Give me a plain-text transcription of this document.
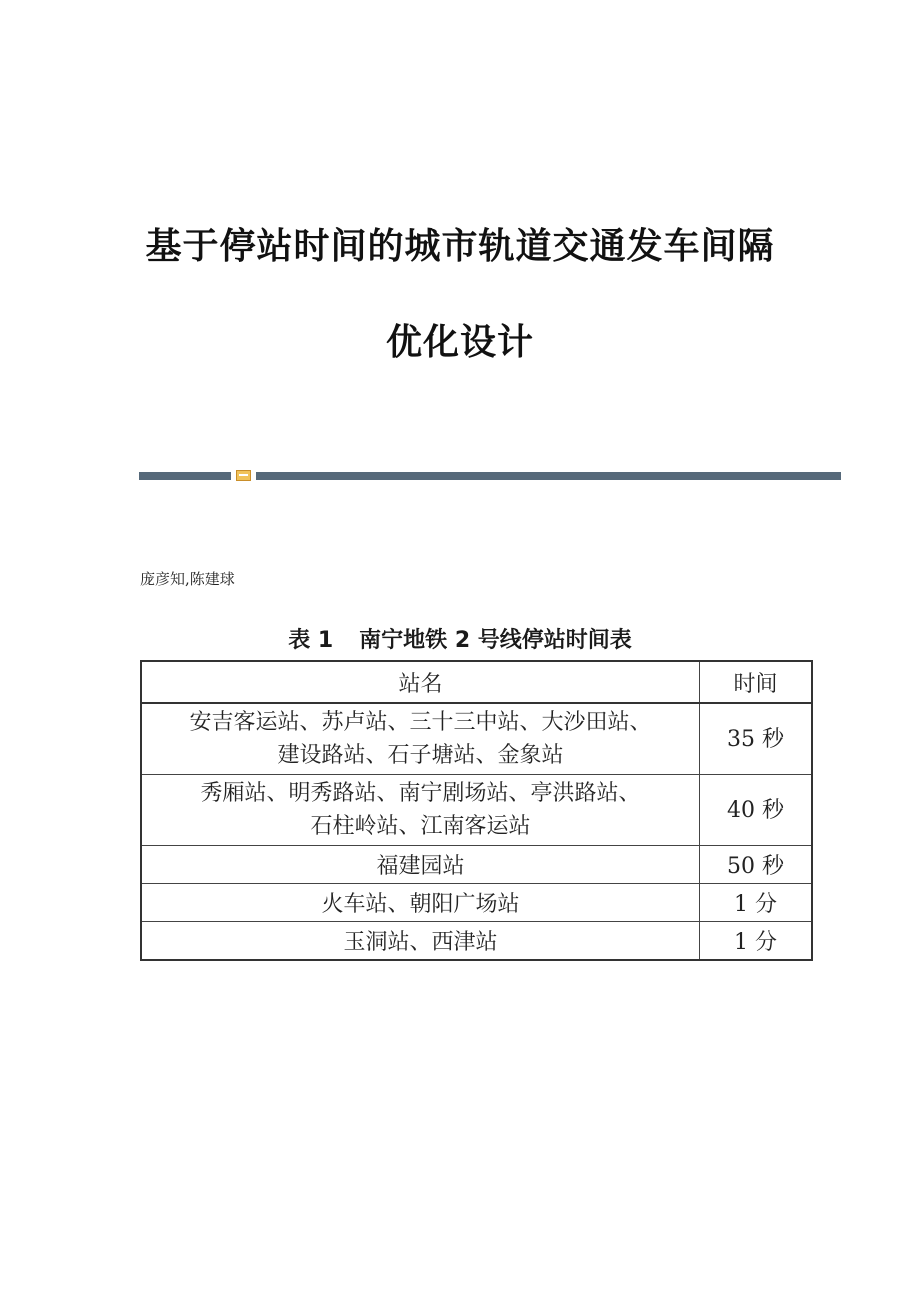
基于停站时间的城市轨道交通发车间隔
优化设计
庞彦知,陈建球
表 1 南宁地铁 2 号线停站时间表
站名	时间

安吉客运站、苏卢站、三十三中站、大沙田站、
建设路站、石子塘站、金象站	35 秒

秀厢站、明秀路站、南宁剧场站、亭洪路站、
石柱岭站、江南客运站	40 秒
福建园站	50 秒
火车站、朝阳广场站	1 分
玉洞站、西津站	1 分
